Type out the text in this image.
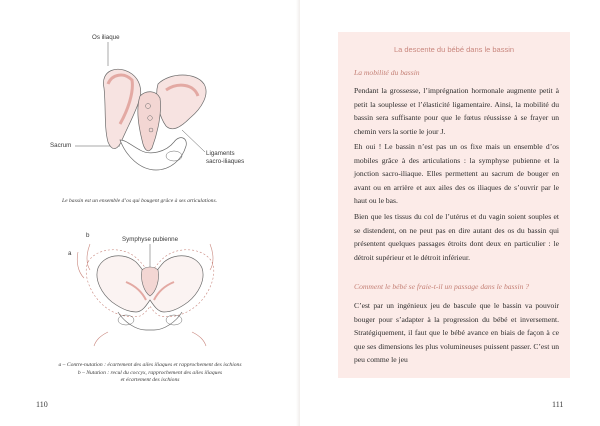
Os iliaque
Sacrum
Ligaments
sacro-iliaques
Le bassin est un ensemble d’os qui bougent grâce à ses articulations.
b
a
Symphyse pubienne
a – Contre-nutation : écartement des ailes iliaques et rapprochement des ischions
b – Nutation : recul du coccyx, rapprochement des ailes iliaques
et écartement des ischions
110	111
La descente du bébé dans le bassin
La mobilité du bassin
Pendant la grossesse, l’imprégnation hormonale augmente petit à petit la souplesse et l’élasticité ligamentaire. Ainsi, la mobilité du bassin sera suffisante pour que le fœtus réussisse à se frayer un chemin vers la sortie le jour J.
Eh oui ! Le bassin n’est pas un os fixe mais un ensemble d’os mobiles grâce à des articulations : la symphyse pubienne et la jonction sacro-iliaque. Elles permettent au sacrum de bouger en avant ou en arrière et aux ailes des os iliaques de s’ouvrir par le haut ou le bas.
Bien que les tissus du col de l’utérus et du vagin soient souples et se distendent, on ne peut pas en dire autant des os du bassin qui présentent quelques passages étroits dont deux en particulier : le détroit supérieur et le détroit inférieur.
Comment le bébé se fraie-t-il un passage dans le bassin ?
C’est par un ingénieux jeu de bascule que le bassin va pouvoir bouger pour s’adapter à la progression du bébé et inversement. Stratégiquement, il faut que le bébé avance en biais de façon à ce que ses dimensions les plus volumineuses puissent passer. C’est un peu comme le jeu
